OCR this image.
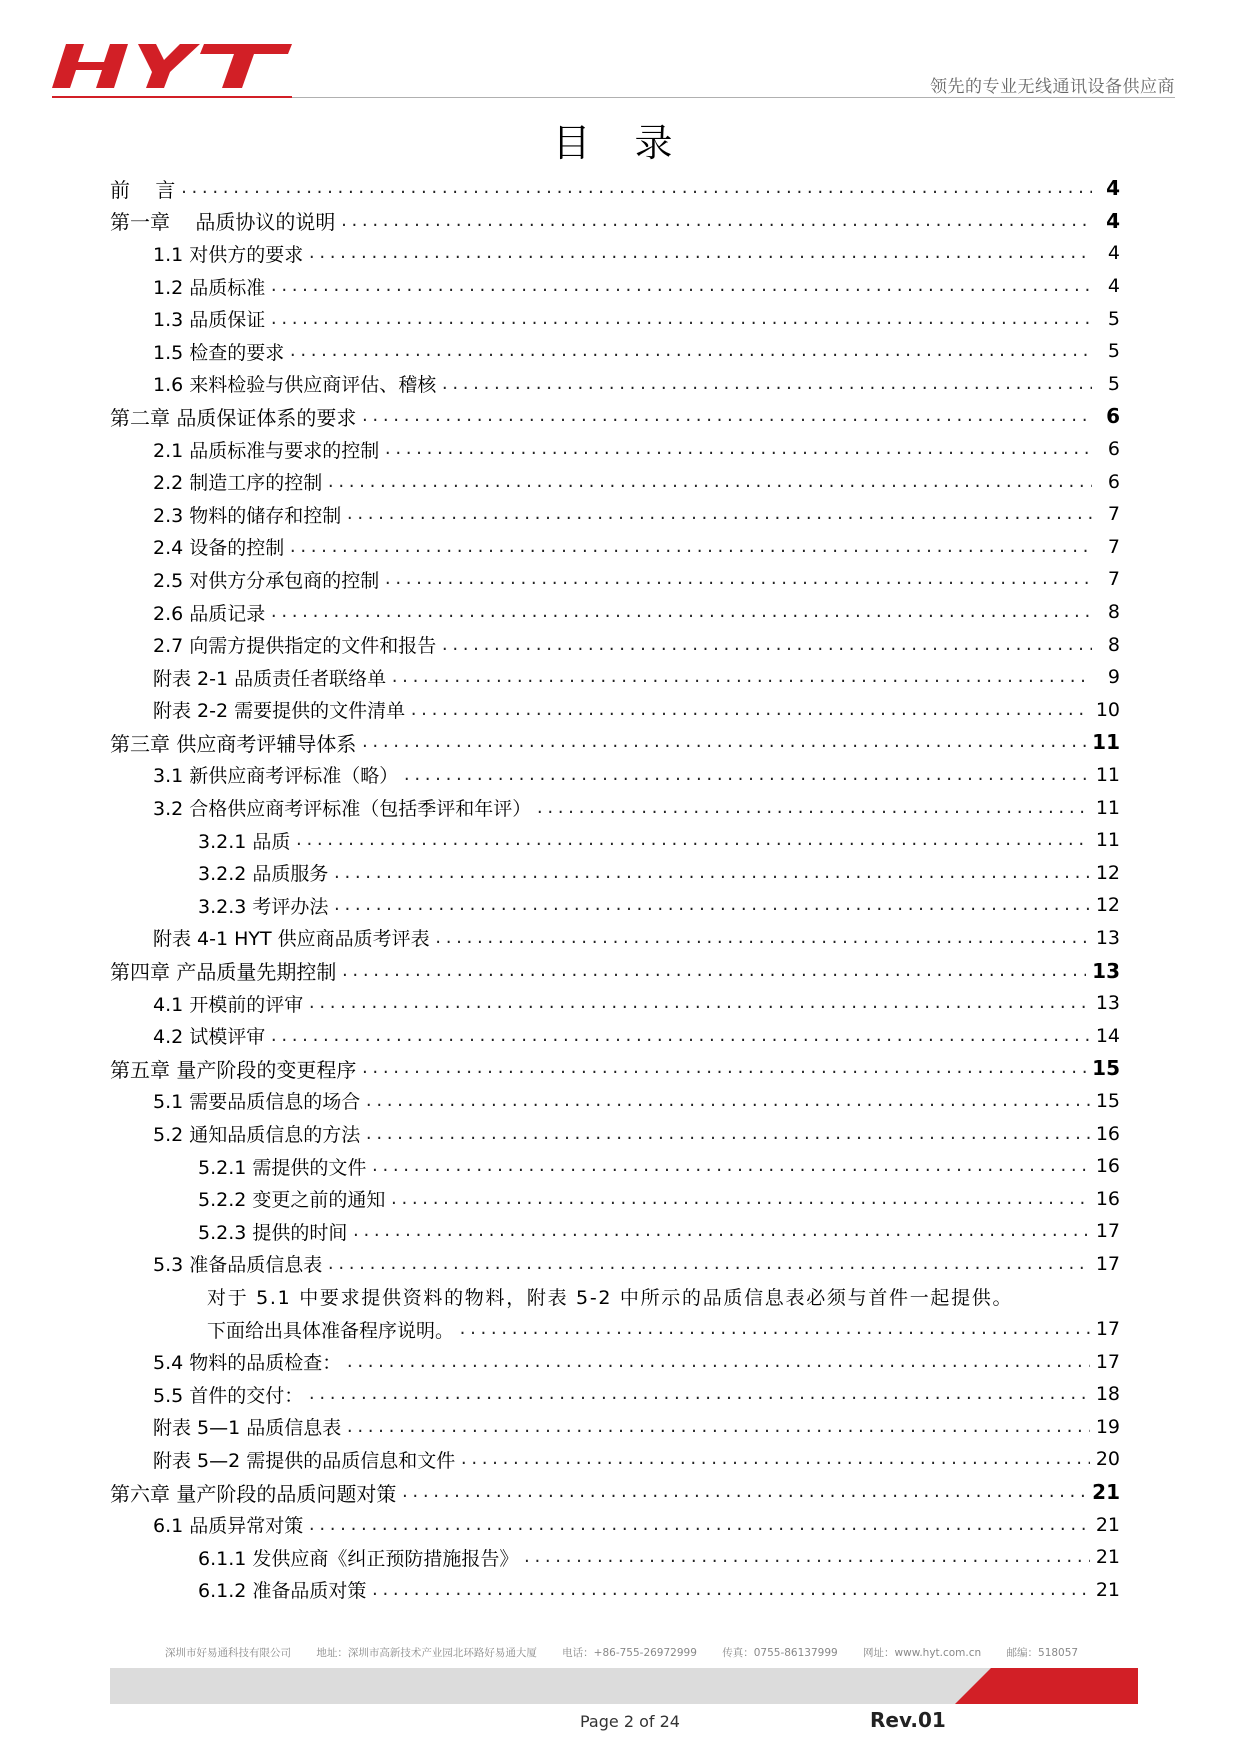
领先的专业无线通讯设备供应商
目 录
前    言 .....	4
第一章    品质协议的说明 .....	4
1.1 对供方的要求 .....	4
1.2 品质标准 .....	4
1.3 品质保证 .....	5
1.5 检查的要求 .....	5
1.6 来料检验与供应商评估、稽核 .....	5
第二章 品质保证体系的要求 .....	6
2.1 品质标准与要求的控制 .....	6
2.2 制造工序的控制 .....	6
2.3 物料的储存和控制 .....	7
2.4 设备的控制 .....	7
2.5 对供方分承包商的控制 .....	7
2.6 品质记录 .....	8
2.7 向需方提供指定的文件和报告 .....	8
附表 2-1 品质责任者联络单 .....	9
附表 2-2 需要提供的文件清单 .....	10
第三章 供应商考评辅导体系 .....	11
3.1 新供应商考评标准（略） .....	11
3.2 合格供应商考评标准（包括季评和年评） .....	11
3.2.1 品质 .....	11
3.2.2 品质服务 .....	12
3.2.3 考评办法 .....	12
附表 4-1 HYT 供应商品质考评表 .....	13
第四章 产品质量先期控制 .....	13
4.1 开模前的评审 .....	13
4.2 试模评审 .....	14
第五章 量产阶段的变更程序 .....	15
5.1 需要品质信息的场合 .....	15
5.2 通知品质信息的方法 .....	16
5.2.1 需提供的文件 .....	16
5.2.2 变更之前的通知 .....	16
5.2.3 提供的时间 .....	17
5.3 准备品质信息表 .....	17
对于 5.1 中要求提供资料的物料，附表 5-2 中所示的品质信息表必须与首件一起提供。
下面给出具体准备程序说明。 .....	17
5.4 物料的品质检查： .....	17
5.5 首件的交付： .....	18
附表 5—1 品质信息表 .....	19
附表 5—2 需提供的品质信息和文件 .....	20
第六章 量产阶段的品质问题对策 .....	21
6.1 品质异常对策 .....	21
6.1.1 发供应商《纠正预防措施报告》 .....	21
6.1.2 准备品质对策 .....	21
深圳市好易通科技有限公司 地址：深圳市高新技术产业园北环路好易通大厦 电话：+86-755-26972999 传真：0755-86137999 网址：www.hyt.com.cn 邮编：518057
Page 2 of 24	Rev.01
